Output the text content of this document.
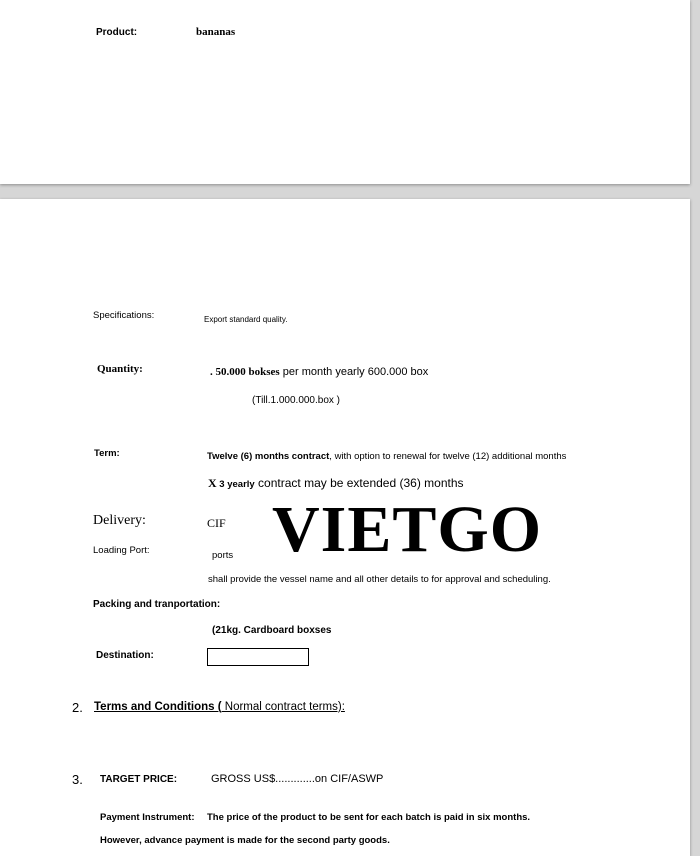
Product:	bananas
Specifications:	Export standard quality.
Quantity:	. 50.000 bokses per month yearly 600.000 box
(Till.1.000.000.box )
Term:	Twelve (6) months contract, with option to renewal for twelve (12) additional months
X 3 yearly contract may be extended (36) months
Delivery:	CIF
Loading Port:	ports
shall provide the vessel name and all other details to for approval and scheduling.
Packing and tranportation:
(21kg. Cardboard boxses
Destination:
2. Terms and Conditions ( Normal contract terms):
3. TARGET PRICE:	GROSS US$.............on CIF/ASWP
Payment Instrument: The price of the product to be sent for each batch is paid in six months.
However, advance payment is made for the second party goods.
VIETGO
